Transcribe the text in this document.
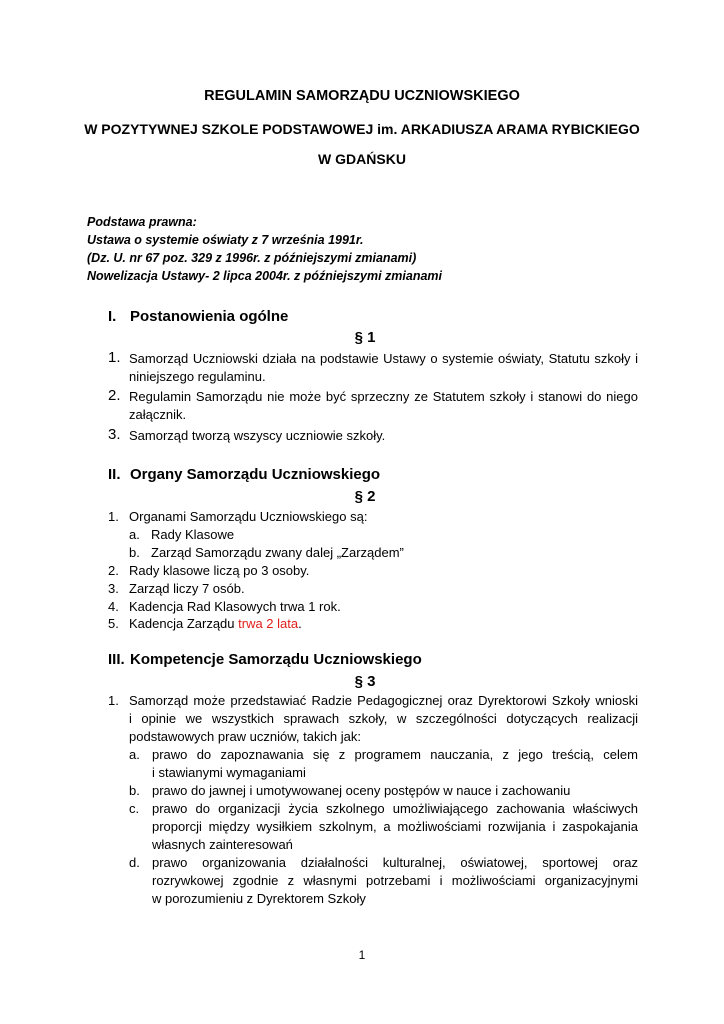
REGULAMIN SAMORZĄDU UCZNIOWSKIEGO
W POZYTYWNEJ SZKOLE PODSTAWOWEJ im. ARKADIUSZA ARAMA RYBICKIEGO
W GDAŃSKU
Podstawa prawna:
Ustawa o systemie oświaty z 7 września 1991r.
(Dz. U. nr 67 poz. 329 z 1996r. z późniejszymi zmianami)
Nowelizacja Ustawy- 2 lipca 2004r. z późniejszymi zmianami
I. Postanowienia ogólne
§ 1
1. Samorząd Uczniowski działa na podstawie Ustawy o systemie oświaty, Statutu szkoły i
niniejszego regulaminu.
2. Regulamin Samorządu nie może być sprzeczny ze Statutem szkoły i stanowi do niego
załącznik.
3. Samorząd tworzą wszyscy uczniowie szkoły.
II. Organy Samorządu Uczniowskiego
§ 2
1. Organami Samorządu Uczniowskiego są:
a. Rady Klasowe
b. Zarząd Samorządu zwany dalej „Zarządem”
2. Rady klasowe liczą po 3 osoby.
3. Zarząd liczy 7 osób.
4. Kadencja Rad Klasowych trwa 1 rok.
5. Kadencja Zarządu trwa 2 lata.
III. Kompetencje Samorządu Uczniowskiego
§ 3
1. Samorząd może przedstawiać Radzie Pedagogicznej oraz Dyrektorowi Szkoły wnioski
i opinie we wszystkich sprawach szkoły, w szczególności dotyczących realizacji
podstawowych praw uczniów, takich jak:
a. prawo do zapoznawania się z programem nauczania, z jego treścią, celem
i stawianymi wymaganiami
b. prawo do jawnej i umotywowanej oceny postępów w nauce i zachowaniu
c. prawo do organizacji życia szkolnego umożliwiającego zachowania właściwych
proporcji między wysiłkiem szkolnym, a możliwościami rozwijania i zaspokajania
własnych zainteresowań
d. prawo organizowania działalności kulturalnej, oświatowej, sportowej oraz
rozrywkowej zgodnie z własnymi potrzebami i możliwościami organizacyjnymi
w porozumieniu z Dyrektorem Szkoły
1
